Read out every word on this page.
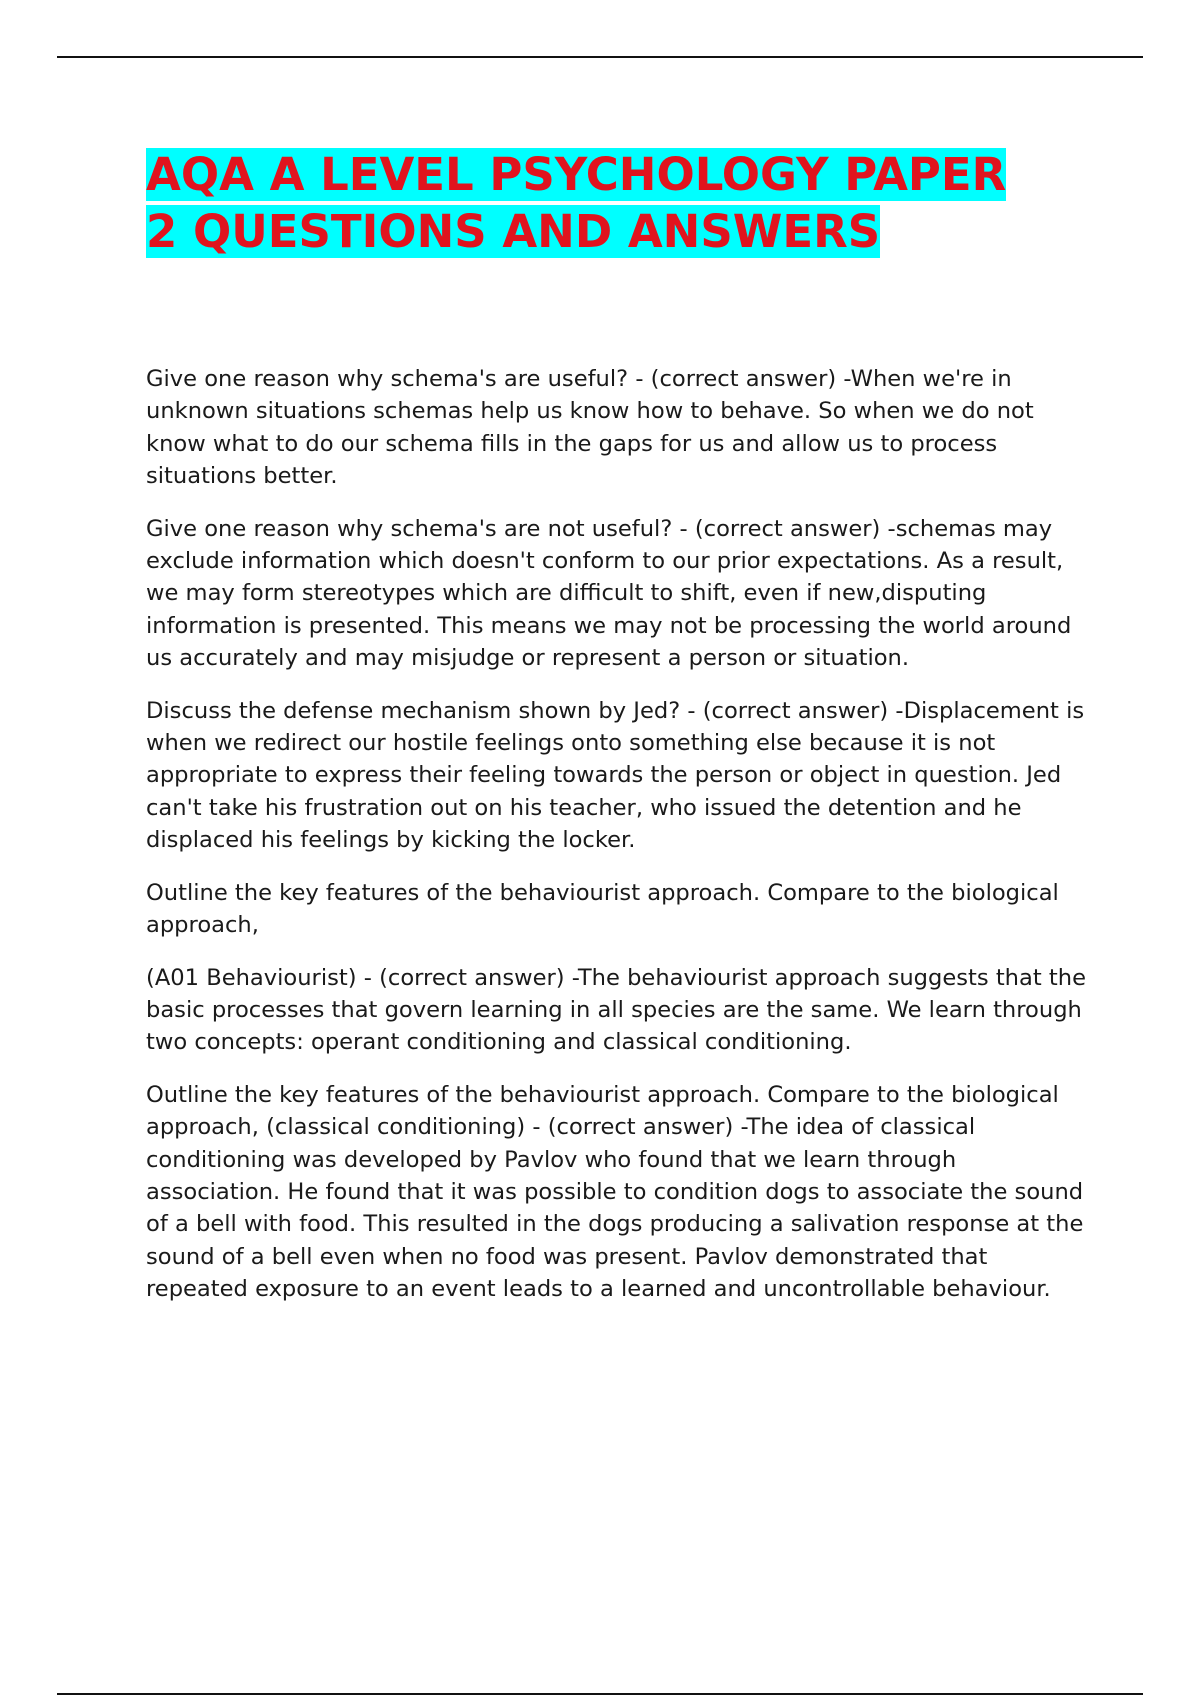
AQA A LEVEL PSYCHOLOGY PAPER
2 QUESTIONS AND ANSWERS

Give one reason why schema's are useful? - (correct answer) -When we're in unknown situations schemas help us know how to behave. So when we do not know what to do our schema fills in the gaps for us and allow us to process situations better.

Give one reason why schema's are not useful? - (correct answer) -schemas may exclude information which doesn't conform to our prior expectations. As a result, we may form stereotypes which are difficult to shift, even if new,disputing information is presented. This means we may not be processing the world around us accurately and may misjudge or represent a person or situation.

Discuss the defense mechanism shown by Jed? - (correct answer) -Displacement is when we redirect our hostile feelings onto something else because it is not appropriate to express their feeling towards the person or object in question. Jed can't take his frustration out on his teacher, who issued the detention and he displaced his feelings by kicking the locker.

Outline the key features of the behaviourist approach. Compare to the biological approach,

(A01 Behaviourist) - (correct answer) -The behaviourist approach suggests that the basic processes that govern learning in all species are the same. We learn through two concepts: operant conditioning and classical conditioning.

Outline the key features of the behaviourist approach. Compare to the biological approach, (classical conditioning) - (correct answer) -The idea of classical conditioning was developed by Pavlov who found that we learn through association. He found that it was possible to condition dogs to associate the sound of a bell with food. This resulted in the dogs producing a salivation response at the sound of a bell even when no food was present. Pavlov demonstrated that repeated exposure to an event leads to a learned and uncontrollable behaviour.
